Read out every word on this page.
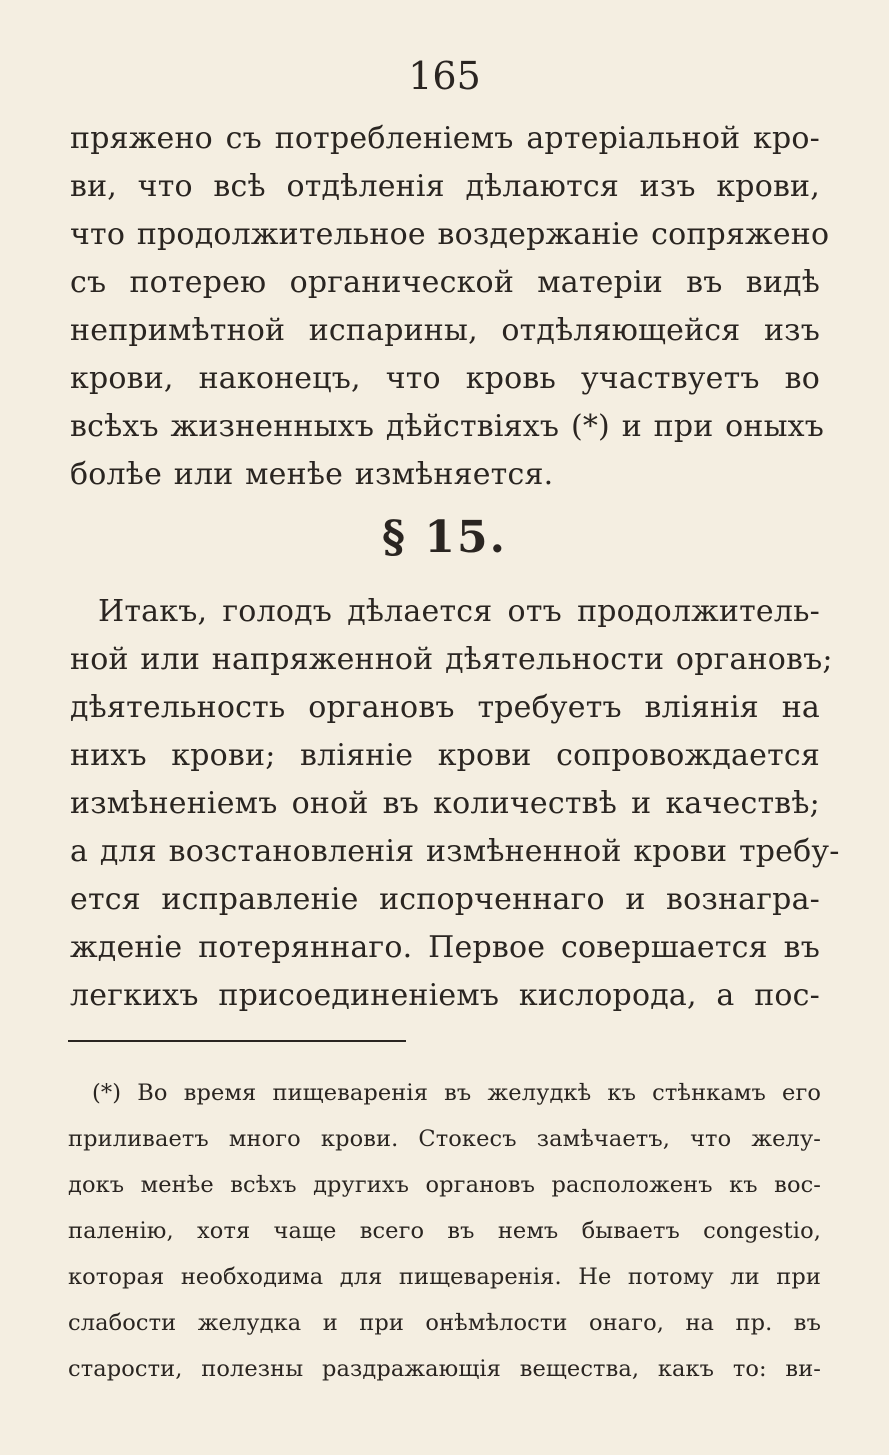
165
пряжено съ потребленіемъ артеріальной кро-
ви, что всѣ отдѣленія дѣлаются изъ крови,
что продолжительное воздержаніе сопряжено
съ потерею органической матеріи въ видѣ
непримѣтной испарины, отдѣляющейся изъ
крови, наконецъ, что кровь участвуетъ во
всѣхъ жизненныхъ дѣйствіяхъ (*) и при оныхъ
болѣе или менѣе измѣняется.
§ 15.
Итакъ, голодъ дѣлается отъ продолжитель-
ной или напряженной дѣятельности органовъ;
дѣятельность органовъ требуетъ вліянія на
нихъ крови; вліяніе крови сопровождается
измѣненіемъ оной въ количествѣ и качествѣ;
а для возстановленія измѣненной крови требу-
ется исправленіе испорченнаго и вознагра-
жденіе потеряннаго. Первое совершается въ
легкихъ присоединеніемъ кислорода, а пос-
(*) Во время пищеваренія въ желудкѣ къ стѣнкамъ его
приливаетъ много крови. Стокесъ замѣчаетъ, что желу-
докъ менѣе всѣхъ другихъ органовъ расположенъ къ вос-
паленію, хотя чаще всего въ немъ бываетъ congestio,
которая необходима для пищеваренія. Не потому ли при
слабости желудка и при онѣмѣлости онаго, на пр. въ
старости, полезны раздражающія вещества, какъ то: ви-
